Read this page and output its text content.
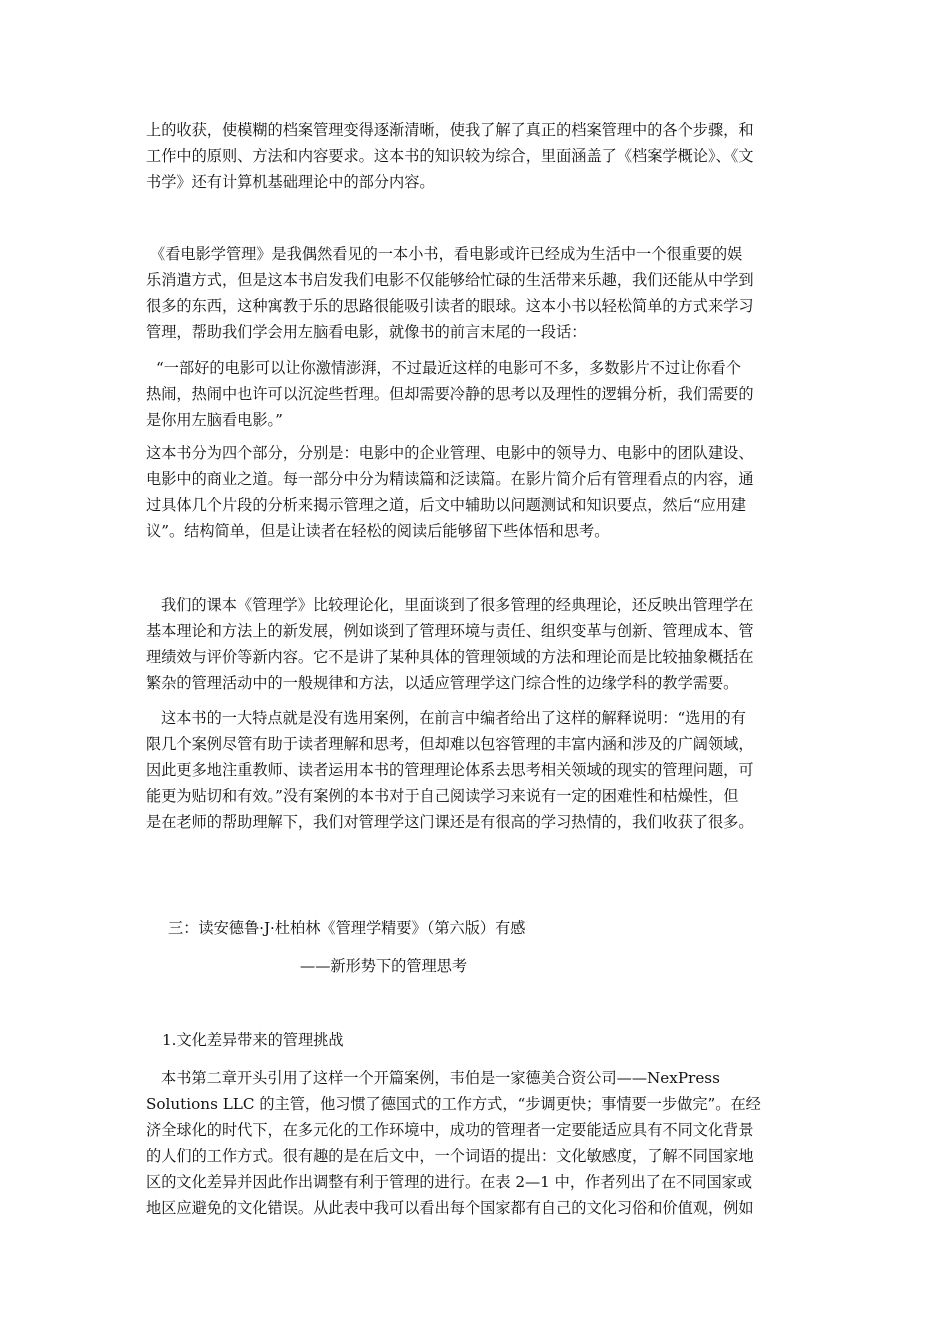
上的收获，使模糊的档案管理变得逐渐清晰，使我了解了真正的档案管理中的各个步骤，和
工作中的原则、方法和内容要求。这本书的知识较为综合，里面涵盖了《档案学概论》、《文
书学》还有计算机基础理论中的部分内容。
《看电影学管理》是我偶然看见的一本小书，看电影或许已经成为生活中一个很重要的娱
乐消遣方式，但是这本书启发我们电影不仅能够给忙碌的生活带来乐趣，我们还能从中学到
很多的东西，这种寓教于乐的思路很能吸引读者的眼球。这本小书以轻松简单的方式来学习
管理，帮助我们学会用左脑看电影，就像书的前言末尾的一段话：
“一部好的电影可以让你激情澎湃，不过最近这样的电影可不多，多数影片不过让你看个
热闹，热闹中也许可以沉淀些哲理。但却需要冷静的思考以及理性的逻辑分析，我们需要的
是你用左脑看电影。”
这本书分为四个部分，分别是：电影中的企业管理、电影中的领导力、电影中的团队建设、
电影中的商业之道。每一部分中分为精读篇和泛读篇。在影片简介后有管理看点的内容，通
过具体几个片段的分析来揭示管理之道，后文中辅助以问题测试和知识要点，然后“应用建
议”。结构简单，但是让读者在轻松的阅读后能够留下些体悟和思考。
我们的课本《管理学》比较理论化，里面谈到了很多管理的经典理论，还反映出管理学在
基本理论和方法上的新发展，例如谈到了管理环境与责任、组织变革与创新、管理成本、管
理绩效与评价等新内容。它不是讲了某种具体的管理领域的方法和理论而是比较抽象概括在
繁杂的管理活动中的一般规律和方法，以适应管理学这门综合性的边缘学科的教学需要。
这本书的一大特点就是没有选用案例，在前言中编者给出了这样的解释说明：“选用的有
限几个案例尽管有助于读者理解和思考，但却难以包容管理的丰富内涵和涉及的广阔领域，
因此更多地注重教师、读者运用本书的管理理论体系去思考相关领域的现实的管理问题，可
能更为贴切和有效。”没有案例的本书对于自己阅读学习来说有一定的困难性和枯燥性，但
是在老师的帮助理解下，我们对管理学这门课还是有很高的学习热情的，我们收获了很多。
三：读安德鲁·J·杜柏林《管理学精要》（第六版）有感
——新形势下的管理思考
1.文化差异带来的管理挑战
本书第二章开头引用了这样一个开篇案例，韦伯是一家德美合资公司——NexPress
Solutions LLC 的主管，他习惯了德国式的工作方式，“步调更快；事情要一步做完”。在经
济全球化的时代下，在多元化的工作环境中，成功的管理者一定要能适应具有不同文化背景
的人们的工作方式。很有趣的是在后文中，一个词语的提出：文化敏感度，了解不同国家地
区的文化差异并因此作出调整有利于管理的进行。在表 2—1 中，作者列出了在不同国家或
地区应避免的文化错误。从此表中我可以看出每个国家都有自己的文化习俗和价值观，例如
